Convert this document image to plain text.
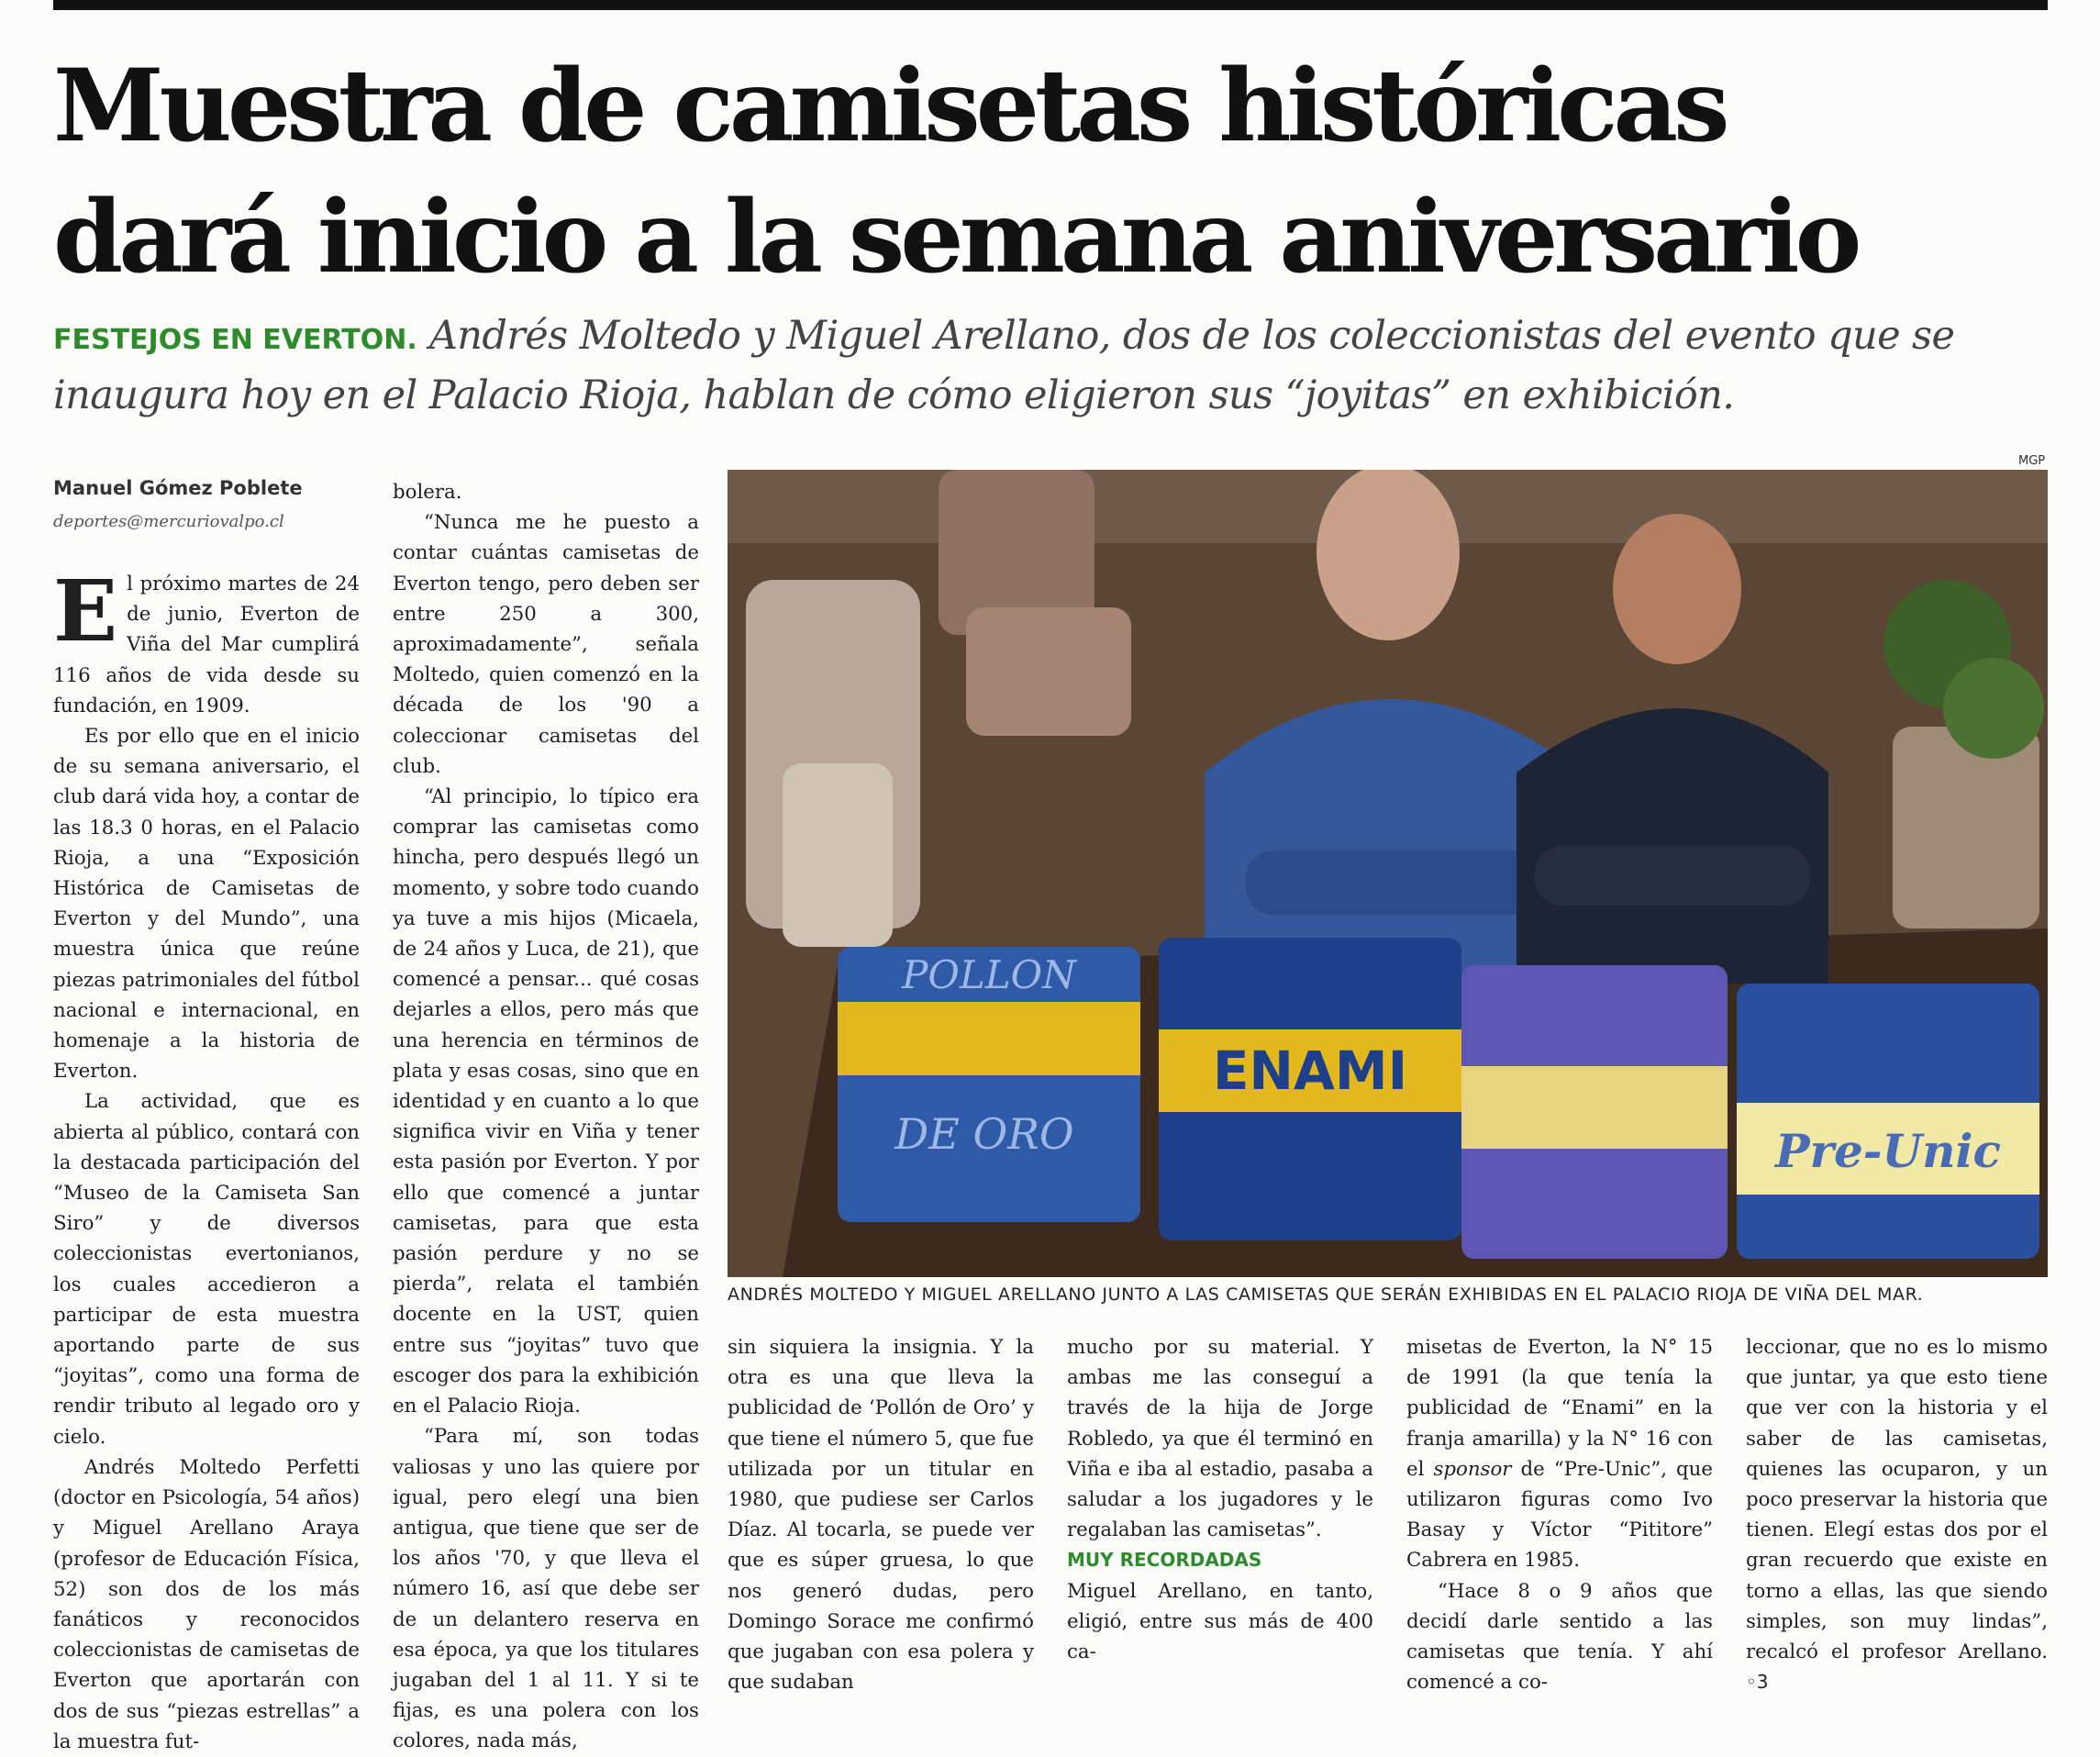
Muestra de camisetas históricas
dará inicio a la semana aniversario

FESTEJOS EN EVERTON. Andrés Moltedo y Miguel Arellano, dos de los coleccionistas del evento que se inaugura hoy en el Palacio Rioja, hablan de cómo eligieron sus “joyitas” en exhibición.

Manuel Gómez Poblete
deportes@mercuriovalpo.cl

El próximo martes de 24 de junio, Everton de Viña del Mar cumplirá 116 años de vida desde su fundación, en 1909.

Es por ello que en el inicio de su semana aniversario, el club dará vida hoy, a contar de las 18.3 0 horas, en el Palacio Rioja, a una “Exposición Histórica de Camisetas de Everton y del Mundo”, una muestra única que reúne piezas patrimoniales del fútbol nacional e internacional, en homenaje a la historia de Everton.

La actividad, que es abierta al público, contará con la destacada participación del “Museo de la Camiseta San Siro” y de diversos coleccionistas evertonianos, los cuales accedieron a participar de esta muestra aportando parte de sus “joyitas”, como una forma de rendir tributo al legado oro y cielo.

Andrés Moltedo Perfetti (doctor en Psicología, 54 años) y Miguel Arellano Araya (profesor de Educación Física, 52) son dos de los más fanáticos y reconocidos coleccionistas de camisetas de Everton que aportarán con dos de sus “piezas estrellas” a la muestra fut-

bolera.

“Nunca me he puesto a contar cuántas camisetas de Everton tengo, pero deben ser entre 250 a 300, aproximadamente”, señala Moltedo, quien comenzó en la década de los '90 a coleccionar camisetas del club.

“Al principio, lo típico era comprar las camisetas como hincha, pero después llegó un momento, y sobre todo cuando ya tuve a mis hijos (Micaela, de 24 años y Luca, de 21), que comencé a pensar... qué cosas dejarles a ellos, pero más que una herencia en términos de plata y esas cosas, sino que en identidad y en cuanto a lo que significa vivir en Viña y tener esta pasión por Everton. Y por ello que comencé a juntar camisetas, para que esta pasión perdure y no se pierda”, relata el también docente en la UST, quien entre sus “joyitas” tuvo que escoger dos para la exhibición en el Palacio Rioja.

“Para mí, son todas valiosas y uno las quiere por igual, pero elegí una bien antigua, que tiene que ser de los años '70, y que lleva el número 16, así que debe ser de un delantero reserva en esa época, ya que los titulares jugaban del 1 al 11. Y si te fijas, es una polera con los colores, nada más,

MGP
POLLON
DE ORO
ENAMI
Pre-Unic
ANDRÉS MOLTEDO Y MIGUEL ARELLANO JUNTO A LAS CAMISETAS QUE SERÁN EXHIBIDAS EN EL PALACIO RIOJA DE VIÑA DEL MAR.

sin siquiera la insignia. Y la otra es una que lleva la publicidad de ‘Pollón de Oro’ y que tiene el número 5, que fue utilizada por un titular en 1980, que pudiese ser Carlos Díaz. Al tocarla, se puede ver que es súper gruesa, lo que nos generó dudas, pero Domingo Sorace me confirmó que jugaban con esa polera y que sudaban

mucho por su material. Y ambas me las conseguí a través de la hija de Jorge Robledo, ya que él terminó en Viña e iba al estadio, pasaba a saludar a los jugadores y le regalaban las camisetas”.

MUY RECORDADAS

Miguel Arellano, en tanto, eligió, entre sus más de 400 ca-

misetas de Everton, la N° 15 de 1991 (la que tenía la publicidad de “Enami” en la franja amarilla) y la N° 16 con el sponsor de “Pre-Unic”, que utilizaron figuras como Ivo Basay y Víctor “Pititore” Cabrera en 1985.

“Hace 8 o 9 años que decidí darle sentido a las camisetas que tenía. Y ahí comencé a co-

leccionar, que no es lo mismo que juntar, ya que esto tiene que ver con la historia y el saber de las camisetas, quienes las ocuparon, y un poco preservar la historia que tienen. Elegí estas dos por el gran recuerdo que existe en torno a ellas, las que siendo simples, son muy lindas”, recalcó el profesor Arellano. ◦3
